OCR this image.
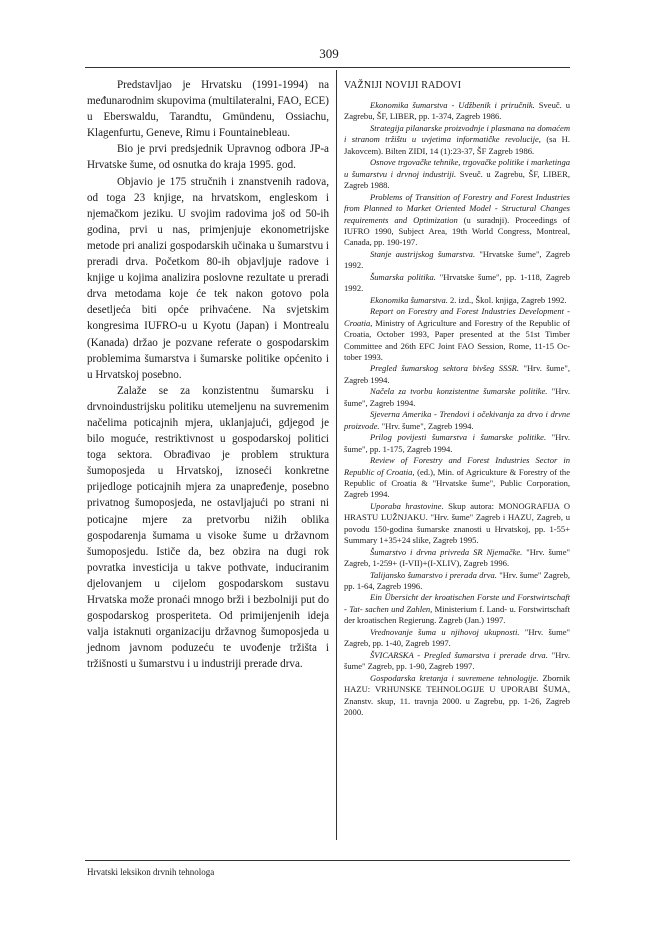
309

Predstavljao je Hrvatsku (1991-1994) na međunarodnim skupovima (multilateralni, FAO, ECE) u Eberswaldu, Tarandtu, Gmündenu, Ossiachu, Klagenfurtu, Geneve, Rimu i Fountainebleau.

Bio je prvi predsjednik Upravnog odbora JP-a Hrvatske šume, od osnutka do kraja 1995. god.

Objavio je 175 stručnih i znanstvenih radova, od toga 23 knjige, na hrvatskom, engleskom i njemačkom jeziku. U svojim radovima još od 50-ih godina, prvi u nas, primjenjuje ekonometrijske metode pri analizi gospodarskih učinaka u šumarstvu i preradi drva. Početkom 80-ih objavljuje radove i knjige u kojima analizira poslovne rezultate u preradi drva metodama koje će tek nakon gotovo pola desetljeća biti opće prihvaćene. Na svjetskim kongresima IUFRO-u u Kyotu (Japan) i Montrealu (Kanada) držao je pozvane referate o gospodarskim problemima šumarstva i šumarske politike općenito i u Hrvatskoj posebno.

Zalaže se za konzistentnu šumarsku i drvnoindustrijsku politiku utemeljenu na suvremenim načelima poticajnih mjera, uklanjajući, gdjegod je bilo moguće, restriktivnost u gospodarskoj politici toga sektora. Obrađivao je problem struktura šumoposjeda u Hrvatskoj, iznoseći konkretne prijedloge poticajnih mjera za unapređenje, posebno privatnog šumoposjeda, ne ostavljajući po strani ni poticajne mjere za pretvorbu nižih oblika gospodarenja šumama u visoke šume u državnom šumoposjedu. Ističe da, bez obzira na dugi rok povratka investicija u takve pothvate, induciranim djelovanjem u cijelom gospodarskom sustavu Hrvatska može pronaći mnogo brži i bezbolniji put do gospodarskog prosperiteta. Od primijenjenih ideja valja istaknuti organizaciju državnog šumoposjeda u jednom javnom poduzeću te uvođenje tržišta i tržišnosti u šumarstvu i u industriji prerade drva.

VAŽNIJI NOVIJI RADOVI

Ekonomika šumarstva - Udžbenik i priručnik. Sveuč. u Zagrebu, ŠF, LIBER, pp. 1-374, Zagreb 1986.

Strategija pilanarske proizvodnje i plasmana na domaćem i stranom tržištu u uvjetima informatičke revolucije, (sa H. Jakovcem). Bilten ZIDI, 14 (1):23-37, ŠF Zagreb 1986.

Osnove trgovačke tehnike, trgovačke politike i marketinga u šumarstvu i drvnoj industriji. Sveuč. u Zagrebu, ŠF, LIBER, Zagreb 1988.

Problems of Transition of Forestry and Forest Industries from Planned to Market Oriented Model - Structural Changes requirements and Optimization (u suradnji). Proceedings of IUFRO 1990, Subject Area, 19th World Congress, Montreal, Canada, pp. 190-197.

Stanje austrijskog šumarstva. "Hrvatske šume", Zagreb 1992.

Šumarska politika. "Hrvatske šume", pp. 1-118, Zagreb 1992.

Ekonomika šumarstva. 2. izd., Škol. knjiga, Zagreb 1992.

Report on Forestry and Forest Industries Development - Croatia, Ministry of Agriculture and Forestry of the Republic of Croatia, October 1993, Paper presented at the 51st Timber Committee and 26th EFC Joint FAO Session, Rome, 11-15 Oc- tober 1993.

Pregled šumarskog sektora bivšeg SSSR. "Hrv. šume", Zagreb 1994.

Načela za tvorbu konzistentne šumarske politike. "Hrv. šume", Zagreb 1994.

Sjeverna Amerika - Trendovi i očekivanja za drvo i drvne proizvode. "Hrv. šume", Zagreb 1994.

Prilog povijesti šumarstva i šumarske politike. "Hrv. šume", pp. 1-175, Zagreb 1994.

Review of Forestry and Forest Industries Sector in Republic of Croatia, (ed.), Min. of Agricukture & Forestry of the Republic of Croatia & "Hrvatske šume", Public Corporation, Zagreb 1994.

Uporaba hrastovine. Skup autora: MONOGRAFIJA O HRASTU LUŽNJAKU. "Hrv. šume" Zagreb i HAZU, Zagreb, u povodu 150-godina šumarske znanosti u Hrvatskoj, pp. 1-55+ Summary 1+35+24 slike, Zagreb 1995.

Šumarstvo i drvna privreda SR Njemačke. "Hrv. šume" Zagreb, 1-259+ (I-VII)+(I-XLIV), Zagreb 1996.

Talijansko šumarstvo i prerada drva. "Hrv. šume" Zagreb, pp. 1-64, Zagreb 1996.

Ein Übersicht der kroatischen Forste und Forstwirtschaft - Tat- sachen und Zahlen, Ministerium f. Land- u. Forstwirtschaft der kroatischen Regierung. Zagreb (Jan.) 1997.

Vrednovanje šuma u njihovoj ukupnosti. "Hrv. šume" Zagreb, pp. 1-40, Zagreb 1997.

ŠVICARSKA - Pregled šumarstva i prerade drva. "Hrv. šume" Zagreb, pp. 1-90, Zagreb 1997.

Gospodarska kretanja i suvremene tehnologije. Zbornik HAZU: VRHUNSKE TEHNOLOGIJE U UPORABI ŠUMA, Znanstv. skup, 11. travnja 2000. u Zagrebu, pp. 1-26, Zagreb 2000.

Hrvatski leksikon drvnih tehnologa
